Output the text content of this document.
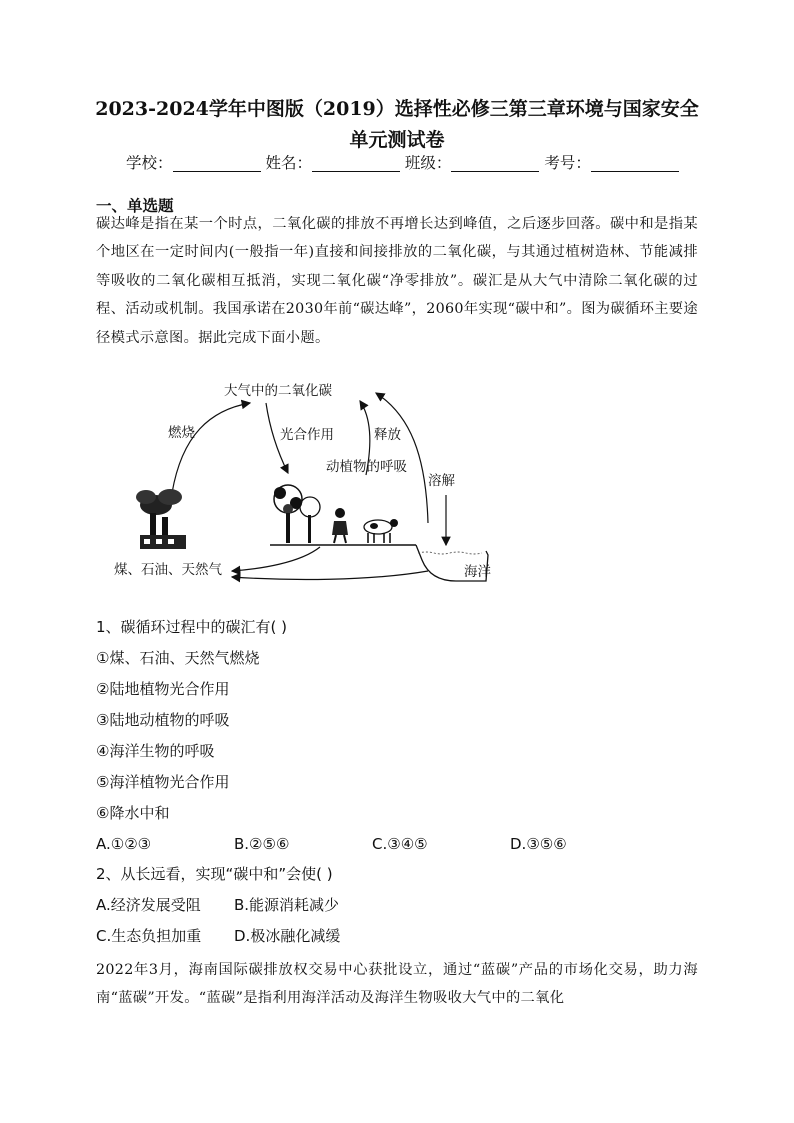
2023-2024学年中图版（2019）选择性必修三第三章环境与国家安全
单元测试卷
学校：	姓名：	班级：	考号：
一、单选题
碳达峰是指在某一个时点，二氧化碳的排放不再增长达到峰值，之后逐步回落。碳中和是指某个地区在一定时间内(一般指一年)直接和间接排放的二氧化碳，与其通过植树造林、节能减排等吸收的二氧化碳相互抵消，实现二氧化碳“净零排放”。碳汇是从大气中清除二氧化碳的过程、活动或机制。我国承诺在2030年前“碳达峰”，2060年实现“碳中和”。图为碳循环主要途径模式示意图。据此完成下面小题。
大气中的二氧化碳
燃烧	光合作用	释放
动植物的呼吸
溶解
煤、石油、天然气	海洋
1、碳循环过程中的碳汇有( )
①煤、石油、天然气燃烧
②陆地植物光合作用
③陆地动植物的呼吸
④海洋生物的呼吸
⑤海洋植物光合作用
⑥降水中和
A.①②③	B.②⑤⑥	C.③④⑤	D.③⑤⑥
2、从长远看，实现“碳中和”会使( )
A.经济发展受阻 B.能源消耗减少
C.生态负担加重 D.极冰融化减缓
2022年3月，海南国际碳排放权交易中心获批设立，通过“蓝碳”产品的市场化交易，助力海南“蓝碳”开发。“蓝碳”是指利用海洋活动及海洋生物吸收大气中的二氧化
